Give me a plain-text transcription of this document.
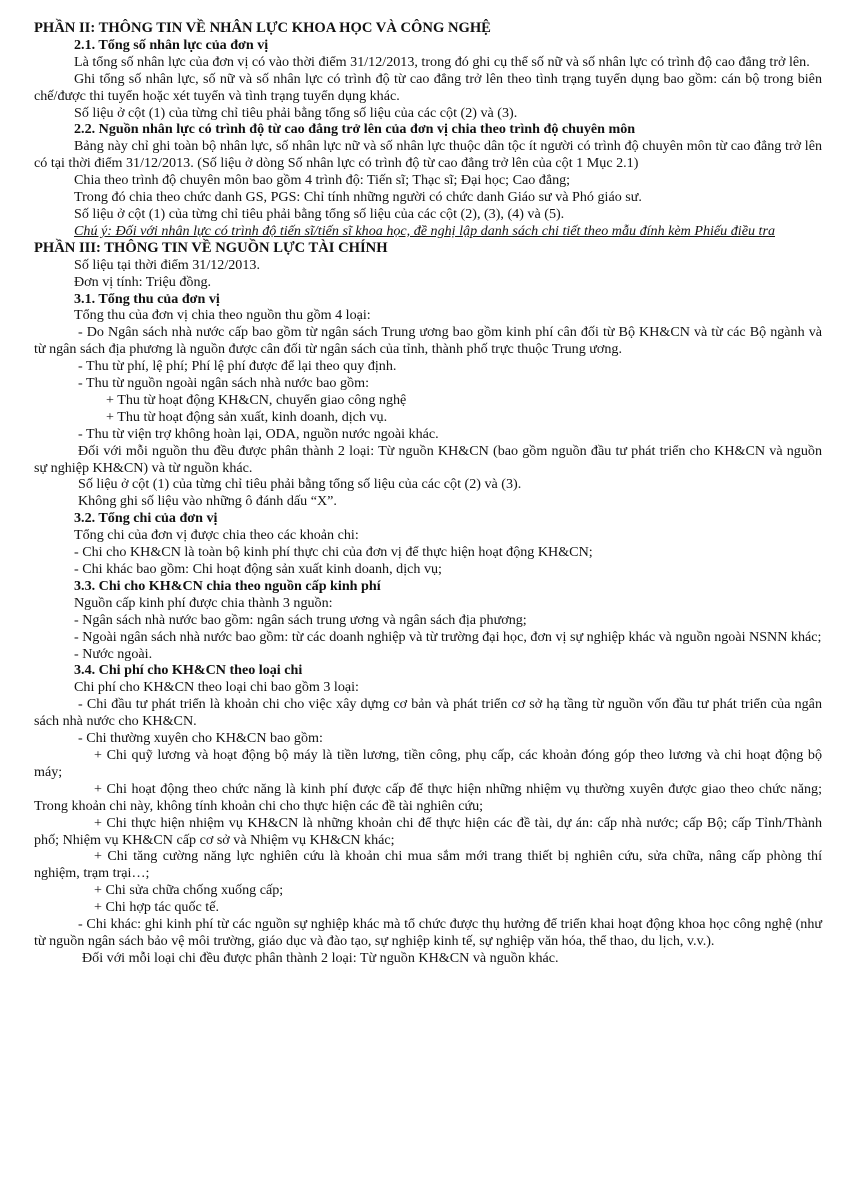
PHẦN II: THÔNG TIN VỀ NHÂN LỰC KHOA HỌC VÀ CÔNG NGHỆ
2.1. Tổng số nhân lực của đơn vị
Là tổng số nhân lực của đơn vị có vào thời điểm 31/12/2013, trong đó ghi cụ thể số nữ và số nhân lực có trình độ cao đẳng trở lên.
Ghi tổng số nhân lực, số nữ và số nhân lực có trình độ từ cao đẳng trở lên theo tình trạng tuyển dụng bao gồm: cán bộ trong biên chế/được thi tuyển hoặc xét tuyển và tình trạng tuyển dụng khác.
Số liệu ở cột (1) của từng chỉ tiêu phải bằng tổng số liệu của các cột (2) và (3).
2.2. Nguồn nhân lực có trình độ từ cao đẳng trở lên của đơn vị chia theo trình độ chuyên môn
Bảng này chỉ ghi toàn bộ nhân lực, số nhân lực nữ và số nhân lực thuộc dân tộc ít người có trình độ chuyên môn từ cao đẳng trở lên có tại thời điểm 31/12/2013. (Số liệu ở dòng Số nhân lực có trình độ từ cao đẳng trở lên của cột 1 Mục 2.1)
Chia theo trình độ chuyên môn bao gồm 4 trình độ: Tiến sĩ; Thạc sĩ; Đại học; Cao đẳng;
Trong đó chia theo chức danh GS, PGS: Chỉ tính những người có chức danh Giáo sư và Phó giáo sư.
Số liệu ở cột (1) của từng chỉ tiêu phải bằng tổng số liệu của các cột (2), (3), (4) và (5).
Chú ý: Đối với nhân lực có trình độ tiến sĩ/tiến sĩ khoa học, đề nghị lập danh sách chi tiết theo mẫu đính kèm Phiếu điều tra
PHẦN III: THÔNG TIN VỀ NGUỒN LỰC TÀI CHÍNH
Số liệu tại thời điểm 31/12/2013.
Đơn vị tính: Triệu đồng.
3.1. Tổng thu của đơn vị
Tổng thu của đơn vị chia theo nguồn thu gồm 4 loại:
- Do Ngân sách nhà nước cấp bao gồm từ ngân sách Trung ương bao gồm kinh phí cân đối từ Bộ KH&CN và từ các Bộ ngành và từ ngân sách địa phương là nguồn được cân đối từ ngân sách của tỉnh, thành phố trực thuộc Trung ương.
- Thu từ phí, lệ phí; Phí lệ phí được để lại theo quy định.
- Thu từ nguồn ngoài ngân sách nhà nước bao gồm:
+ Thu từ hoạt động KH&CN, chuyển giao công nghệ
+ Thu từ hoạt động sản xuất, kinh doanh, dịch vụ.
- Thu từ viện trợ không hoàn lại, ODA, nguồn nước ngoài khác.
Đối với mỗi nguồn thu đều được phân thành 2 loại: Từ nguồn KH&CN (bao gồm nguồn đầu tư phát triển cho KH&CN và nguồn sự nghiệp KH&CN) và từ nguồn khác.
Số liệu ở cột (1) của từng chỉ tiêu phải bằng tổng số liệu của các cột (2) và (3).
Không ghi số liệu vào những ô đánh dấu “X”.
3.2. Tổng chi của đơn vị
Tổng chi của đơn vị được chia theo các khoản chi:
- Chi cho KH&CN là toàn bộ kinh phí thực chi của đơn vị để thực hiện hoạt động KH&CN;
- Chi khác bao gồm: Chi hoạt động sản xuất kinh doanh, dịch vụ;
3.3. Chi cho KH&CN chia theo nguồn cấp kinh phí
Nguồn cấp kinh phí được chia thành 3 nguồn:
- Ngân sách nhà nước bao gồm: ngân sách trung ương và ngân sách địa phương;
- Ngoài ngân sách nhà nước bao gồm: từ các doanh nghiệp và từ trường đại học, đơn vị sự nghiệp khác và nguồn ngoài NSNN khác;
- Nước ngoài.
3.4. Chi phí cho KH&CN theo loại chi
Chi phí cho KH&CN theo loại chi bao gồm 3 loại:
- Chi đầu tư phát triển là khoản chi cho việc xây dựng cơ bản và phát triển cơ sở hạ tầng từ nguồn vốn đầu tư phát triển của ngân sách nhà nước cho KH&CN.
- Chi thường xuyên cho KH&CN bao gồm:
+ Chi quỹ lương và hoạt động bộ máy là tiền lương, tiền công, phụ cấp, các khoản đóng góp theo lương và chi hoạt động bộ máy;
+ Chi hoạt động theo chức năng là kinh phí được cấp để thực hiện những nhiệm vụ thường xuyên được giao theo chức năng; Trong khoản chi này, không tính khoản chi cho thực hiện các đề tài nghiên cứu;
+ Chi thực hiện nhiệm vụ KH&CN là những khoản chi để thực hiện các đề tài, dự án: cấp nhà nước; cấp Bộ; cấp Tỉnh/Thành phố; Nhiệm vụ KH&CN cấp cơ sở và Nhiệm vụ KH&CN khác;
+ Chi tăng cường năng lực nghiên cứu là khoản chi mua sắm mới trang thiết bị nghiên cứu, sửa chữa, nâng cấp phòng thí nghiệm, trạm trại…;
+ Chi sửa chữa chống xuống cấp;
+ Chi hợp tác quốc tế.
- Chi khác: ghi kinh phí từ các nguồn sự nghiệp khác mà tổ chức được thụ hưởng để triển khai hoạt động khoa học công nghệ (như từ nguồn ngân sách bảo vệ môi trường, giáo dục và đào tạo, sự nghiệp kinh tế, sự nghiệp văn hóa, thể thao, du lịch, v.v.).
Đối với mỗi loại chi đều được phân thành 2 loại: Từ nguồn KH&CN và nguồn khác.
